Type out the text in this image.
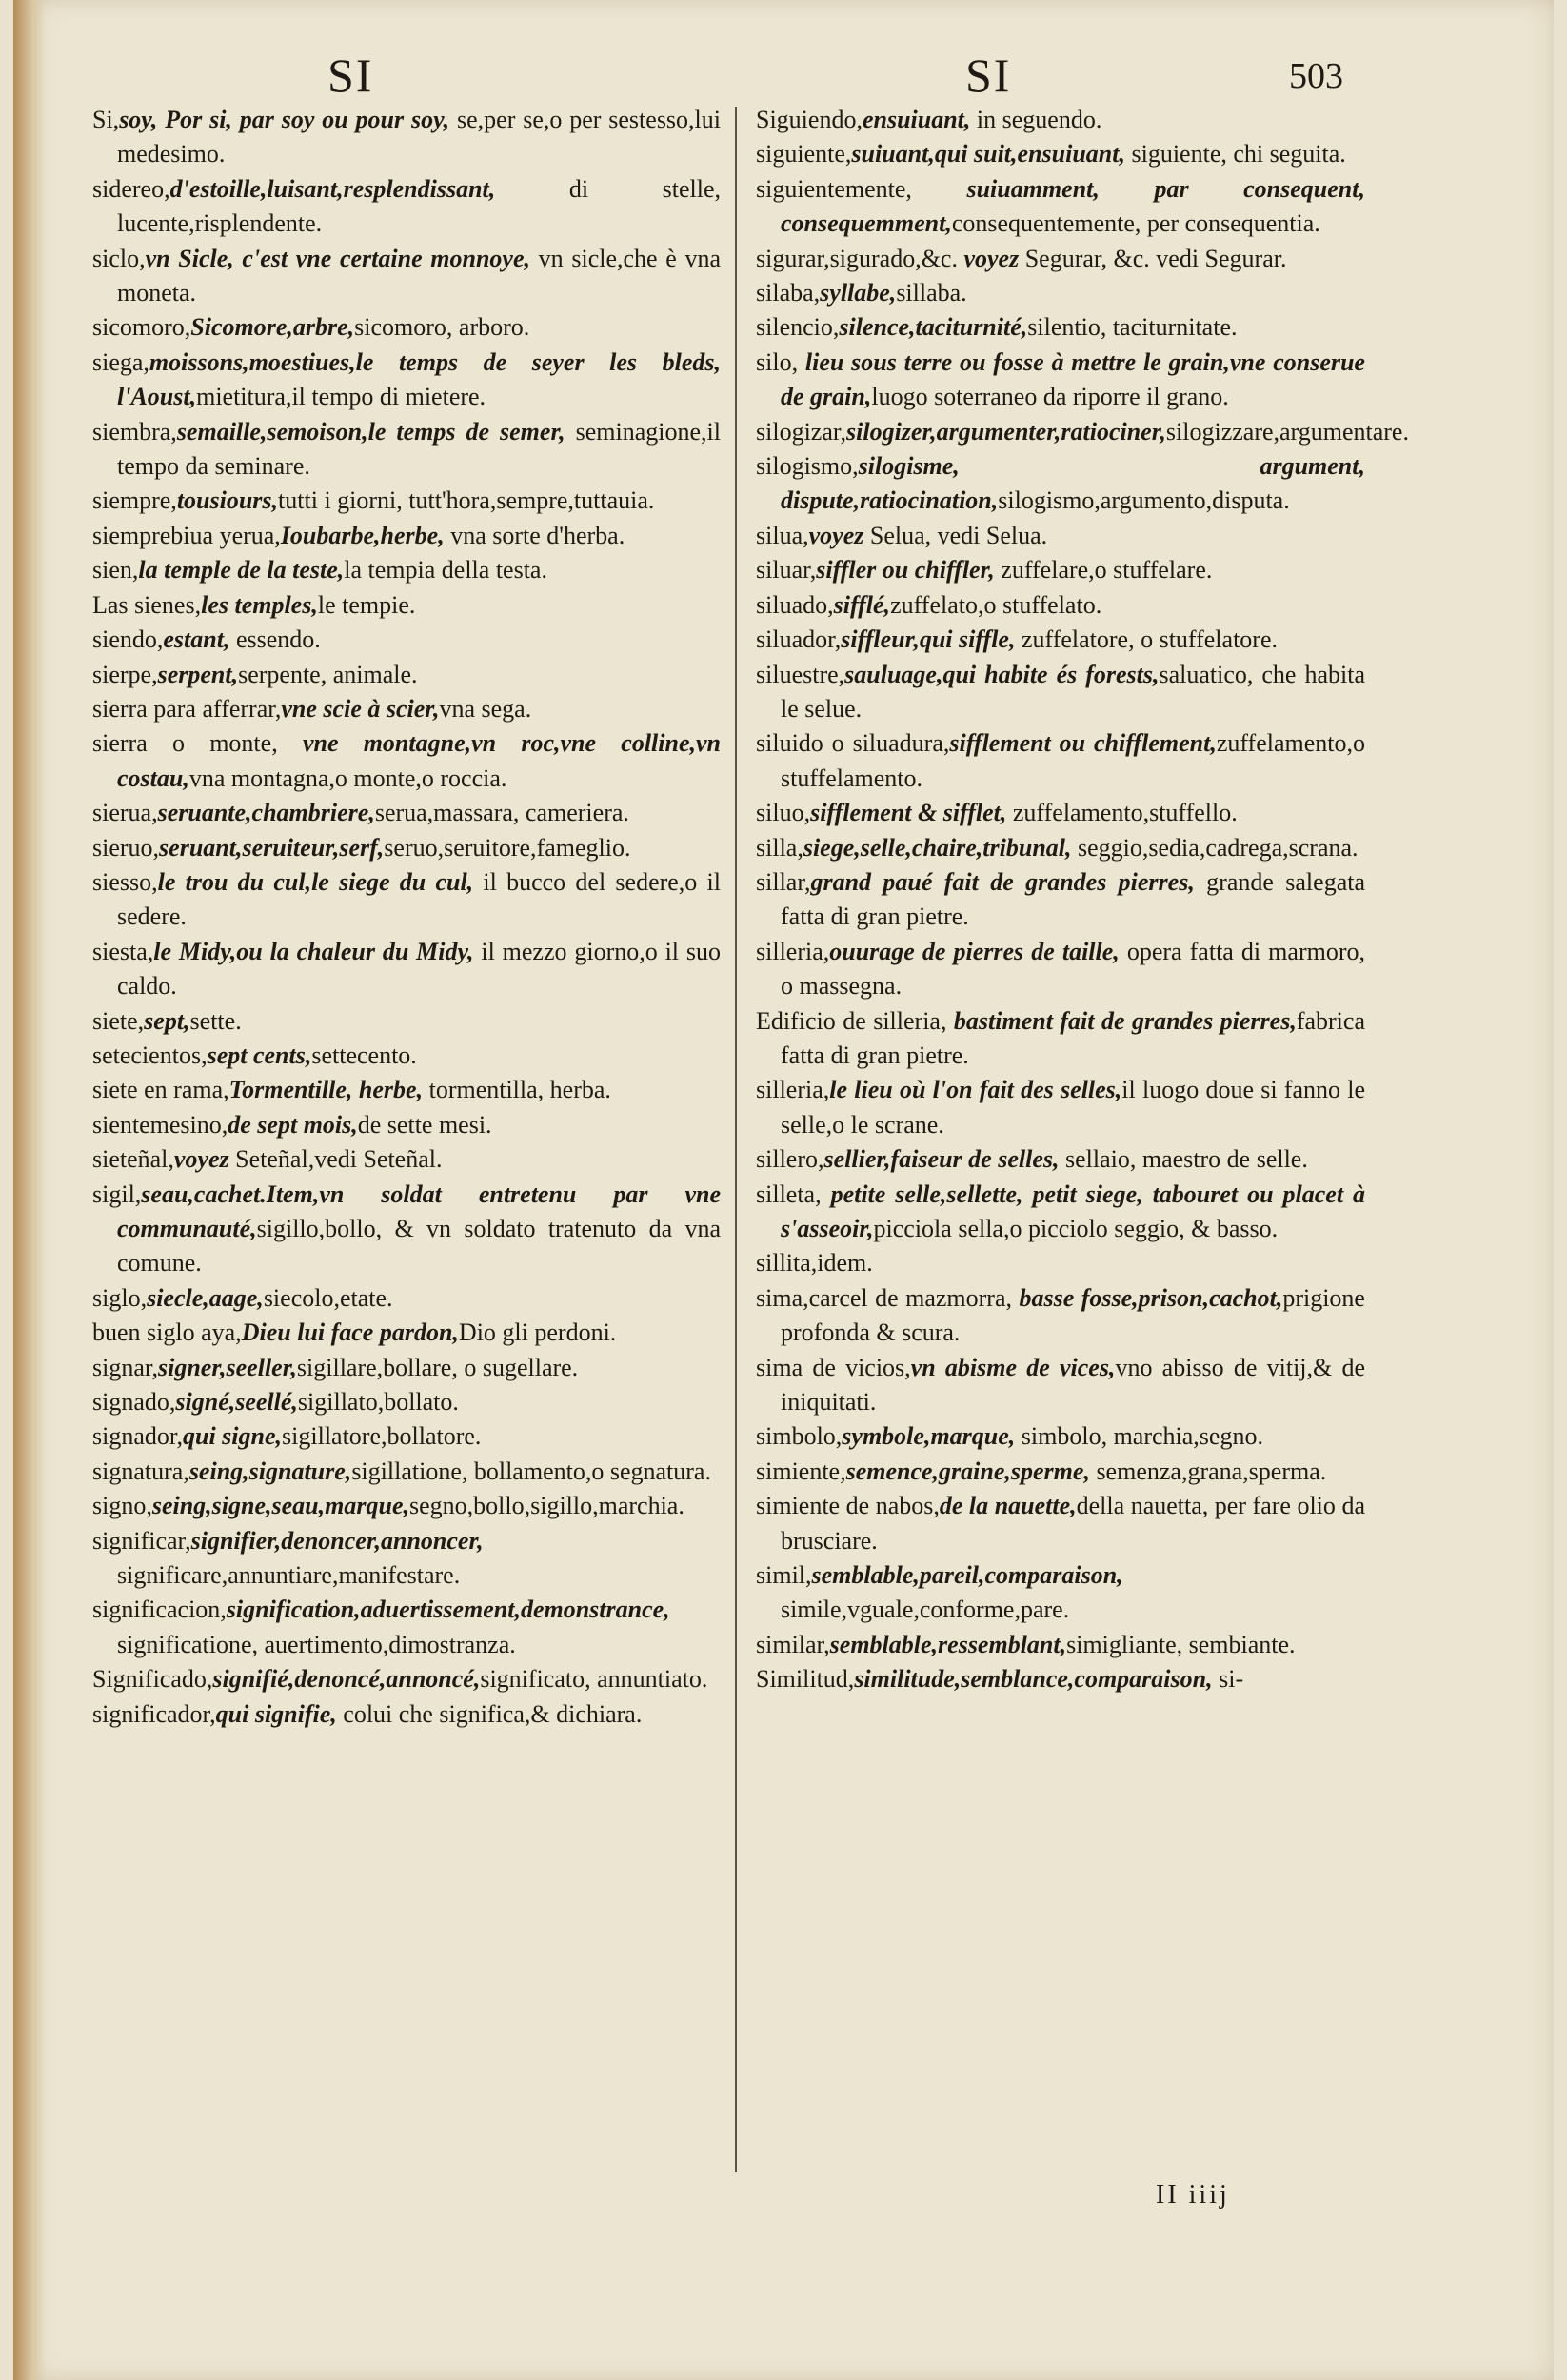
SI	SI	503

Si,soy, Por si, par soy ou pour soy, se,per se,o per sestesso,lui medesimo.

sidereo,d'estoille,luisant,resplendissant, di stelle, lucente,risplendente.

siclo,vn Sicle, c'est vne certaine monnoye, vn sicle,che è vna moneta.

sicomoro,Sicomore,arbre,sicomoro, arboro.

siega,moissons,moestiues,le temps de seyer les bleds, l'Aoust,mietitura,il tempo di mietere.

siembra,semaille,semoison,le temps de semer, seminagione,il tempo da seminare.

siempre,tousiours,tutti i giorni, tutt'hora,sempre,tuttauia.

siemprebiua yerua,Ioubarbe,herbe, vna sorte d'herba.

sien,la temple de la teste,la tempia della testa.

Las sienes,les temples,le tempie.

siendo,estant, essendo.

sierpe,serpent,serpente, animale.

sierra para afferrar,vne scie à scier,vna sega.

sierra o monte, vne montagne,vn roc,vne colline,vn costau,vna montagna,o monte,o roccia.

sierua,seruante,chambriere,serua,massara, cameriera.

sieruo,seruant,seruiteur,serf,seruo,seruitore,fameglio.

siesso,le trou du cul,le siege du cul, il bucco del sedere,o il sedere.

siesta,le Midy,ou la chaleur du Midy, il mezzo giorno,o il suo caldo.

siete,sept,sette.

setecientos,sept cents,settecento.

siete en rama,Tormentille, herbe, tormentilla, herba.

sientemesino,de sept mois,de sette mesi.

sieteñal,voyez Seteñal,vedi Seteñal.

sigil,seau,cachet.Item,vn soldat entretenu par vne communauté,sigillo,bollo, & vn soldato tratenuto da vna comune.

siglo,siecle,aage,siecolo,etate.

buen siglo aya,Dieu lui face pardon,Dio gli perdoni.

signar,signer,seeller,sigillare,bollare, o sugellare.

signado,signé,seellé,sigillato,bollato.

signador,qui signe,sigillatore,bollatore.

signatura,seing,signature,sigillatione, bollamento,o segnatura.

signo,seing,signe,seau,marque,segno,bollo,sigillo,marchia.

significar,signifier,denoncer,annoncer, significare,annuntiare,manifestare.

significacion,signification,aduertissement,demonstrance, significatione, auertimento,dimostranza.

Significado,signifié,denoncé,annoncé,significato, annuntiato.

significador,qui signifie, colui che significa,& dichiara.

Siguiendo,ensuiuant, in seguendo.

siguiente,suiuant,qui suit,ensuiuant, siguiente, chi seguita.

siguientemente, suiuamment, par consequent, consequemment,consequentemente, per consequentia.

sigurar,sigurado,&c. voyez Segurar, &c. vedi Segurar.

silaba,syllabe,sillaba.

silencio,silence,taciturnité,silentio, taciturnitate.

silo, lieu sous terre ou fosse à mettre le grain,vne conserue de grain,luogo soterraneo da riporre il grano.

silogizar,silogizer,argumenter,ratiociner,silogizzare,argumentare.

silogismo,silogisme, argument, dispute,ratiocination,silogismo,argumento,disputa.

silua,voyez Selua, vedi Selua.

siluar,siffler ou chiffler, zuffelare,o stuffelare.

siluado,sifflé,zuffelato,o stuffelato.

siluador,siffleur,qui siffle, zuffelatore, o stuffelatore.

siluestre,sauluage,qui habite és forests,saluatico, che habita le selue.

siluido o siluadura,sifflement ou chifflement,zuffelamento,o stuffelamento.

siluo,sifflement & sifflet, zuffelamento,stuffello.

silla,siege,selle,chaire,tribunal, seggio,sedia,cadrega,scrana.

sillar,grand paué fait de grandes pierres, grande salegata fatta di gran pietre.

silleria,ouurage de pierres de taille, opera fatta di marmoro, o massegna.

Edificio de silleria, bastiment fait de grandes pierres,fabrica fatta di gran pietre.

silleria,le lieu où l'on fait des selles,il luogo doue si fanno le selle,o le scrane.

sillero,sellier,faiseur de selles, sellaio, maestro de selle.

silleta, petite selle,sellette, petit siege, tabouret ou placet à s'asseoir,picciola sella,o picciolo seggio, & basso.

sillita,idem.

sima,carcel de mazmorra, basse fosse,prison,cachot,prigione profonda & scura.

sima de vicios,vn abisme de vices,vno abisso de vitij,& de iniquitati.

simbolo,symbole,marque, simbolo, marchia,segno.

simiente,semence,graine,sperme, semenza,grana,sperma.

simiente de nabos,de la nauette,della nauetta, per fare olio da brusciare.

simil,semblable,pareil,comparaison, simile,vguale,conforme,pare.

similar,semblable,ressemblant,simigliante, sembiante.

Similitud,similitude,semblance,comparaison, si-

II iiij
